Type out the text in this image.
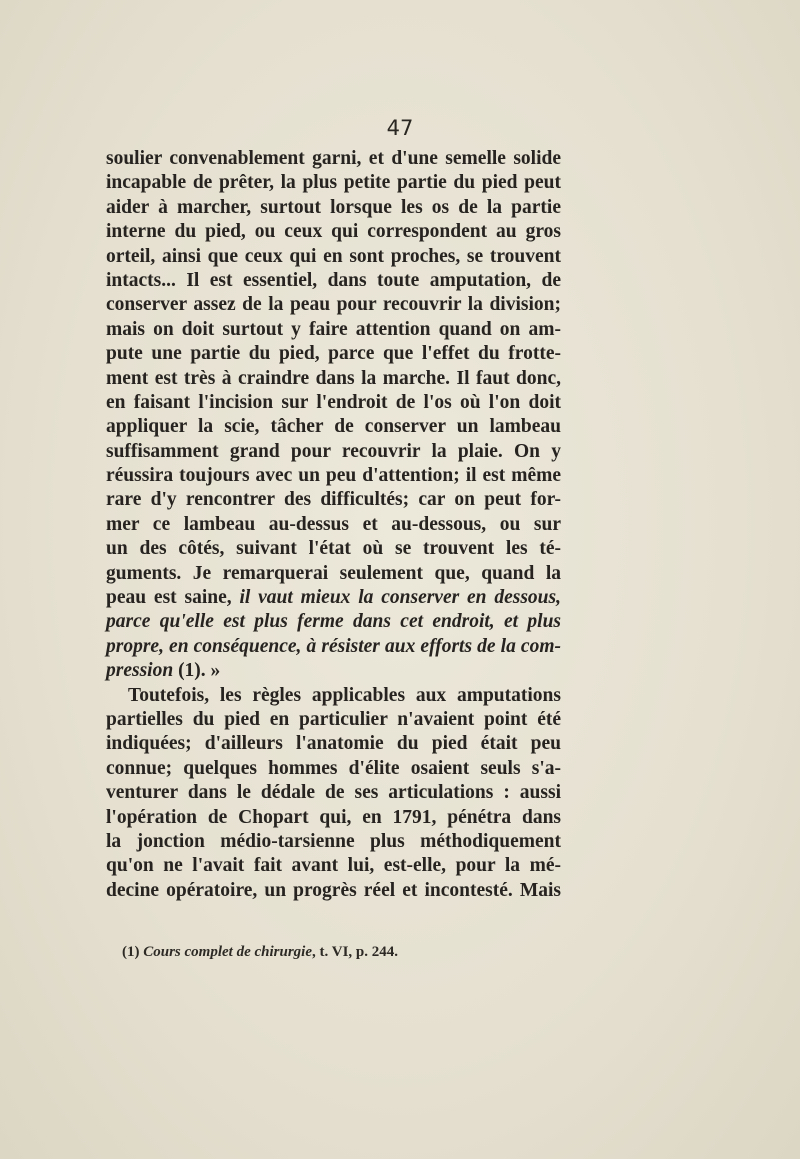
47
soulier convenablement garni, et d'une semelle solide
incapable de prêter, la plus petite partie du pied peut
aider à marcher, surtout lorsque les os de la partie
interne du pied, ou ceux qui correspondent au gros
orteil, ainsi que ceux qui en sont proches, se trouvent
intacts... Il est essentiel, dans toute amputation, de
conserver assez de la peau pour recouvrir la division;
mais on doit surtout y faire attention quand on am-
pute une partie du pied, parce que l'effet du frotte-
ment est très à craindre dans la marche. Il faut donc,
en faisant l'incision sur l'endroit de l'os où l'on doit
appliquer la scie, tâcher de conserver un lambeau
suffisamment grand pour recouvrir la plaie. On y
réussira toujours avec un peu d'attention; il est même
rare d'y rencontrer des difficultés; car on peut for-
mer ce lambeau au-dessus et au-dessous, ou sur
un des côtés, suivant l'état où se trouvent les té-
guments. Je remarquerai seulement que, quand la
peau est saine, il vaut mieux la conserver en dessous,
parce qu'elle est plus ferme dans cet endroit, et plus
propre, en conséquence, à résister aux efforts de la com-
pression (1). »
Toutefois, les règles applicables aux amputations
partielles du pied en particulier n'avaient point été
indiquées; d'ailleurs l'anatomie du pied était peu
connue; quelques hommes d'élite osaient seuls s'a-
venturer dans le dédale de ses articulations : aussi
l'opération de Chopart qui, en 1791, pénétra dans
la jonction médio-tarsienne plus méthodiquement
qu'on ne l'avait fait avant lui, est-elle, pour la mé-
decine opératoire, un progrès réel et incontesté. Mais
(1) Cours complet de chirurgie, t. VI, p. 244.
